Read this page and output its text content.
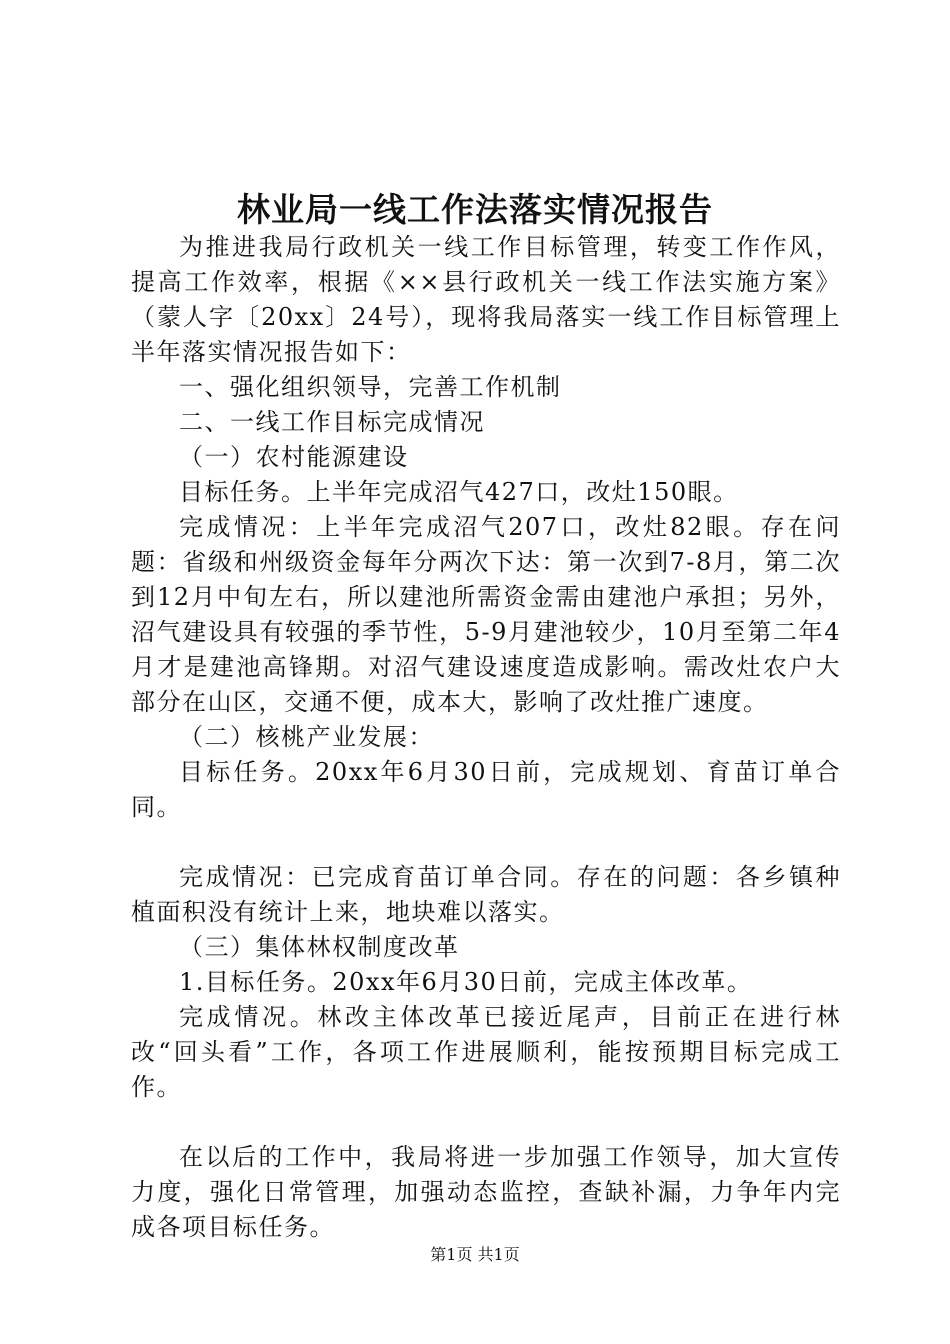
林业局一线工作法落实情况报告

为推进我局行政机关一线工作目标管理，转变工作作风，提高工作效率，根据《××县行政机关一线工作法实施方案》（蒙人字〔20xx〕24号），现将我局落实一线工作目标管理上半年落实情况报告如下：

一、强化组织领导，完善工作机制

二、一线工作目标完成情况

（一）农村能源建设

目标任务。上半年完成沼气427口，改灶150眼。

完成情况：上半年完成沼气207口，改灶82眼。存在问题：省级和州级资金每年分两次下达：第一次到7-8月，第二次到12月中旬左右，所以建池所需资金需由建池户承担；另外，沼气建设具有较强的季节性，5-9月建池较少，10月至第二年4月才是建池高锋期。对沼气建设速度造成影响。需改灶农户大部分在山区，交通不便，成本大，影响了改灶推广速度。

（二）核桃产业发展：

目标任务。20xx年6月30日前，完成规划、育苗订单合同。

完成情况：已完成育苗订单合同。存在的问题：各乡镇种植面积没有统计上来，地块难以落实。

（三）集体林权制度改革

1.目标任务。20xx年6月30日前，完成主体改革。

完成情况。林改主体改革已接近尾声，目前正在进行林改“回头看”工作，各项工作进展顺利，能按预期目标完成工作。

在以后的工作中，我局将进一步加强工作领导，加大宣传力度，强化日常管理，加强动态监控，查缺补漏，力争年内完成各项目标任务。

第1页 共1页
